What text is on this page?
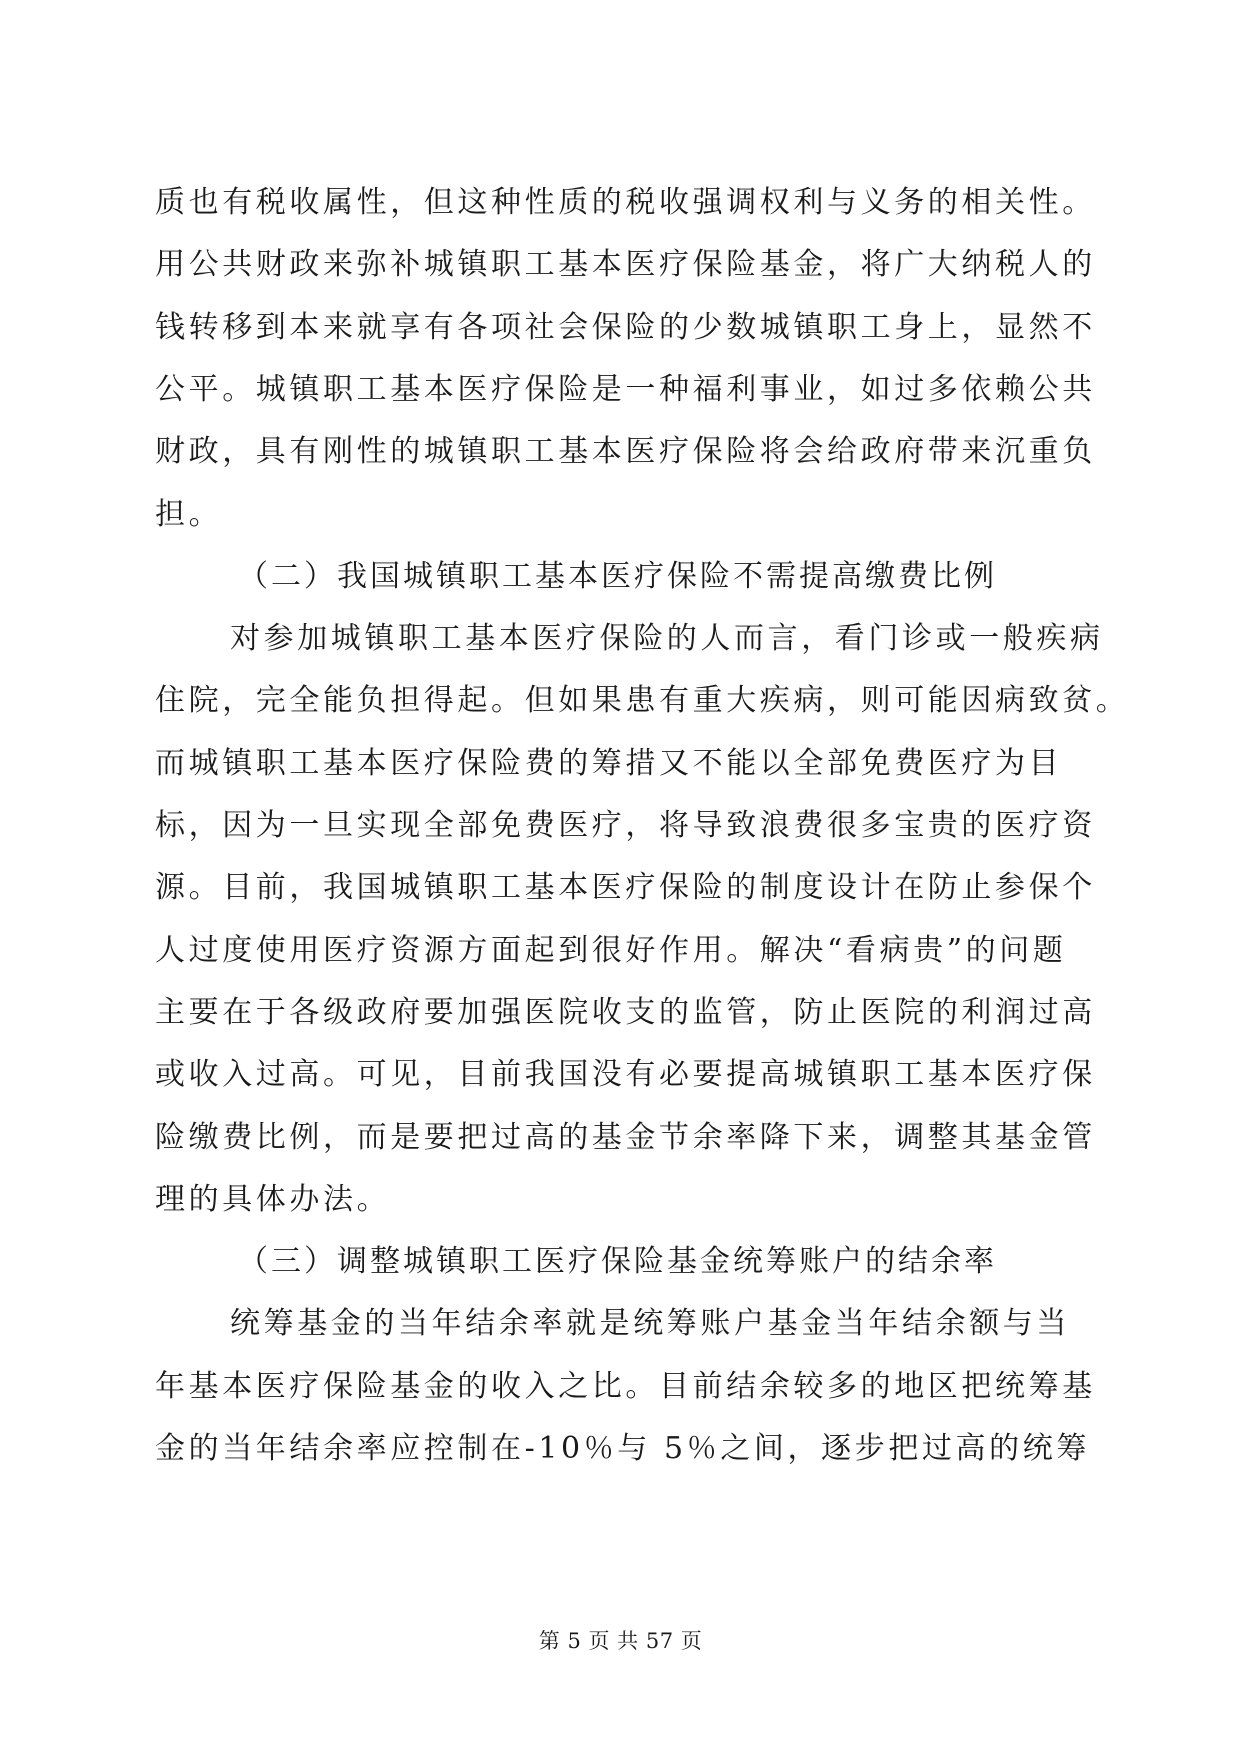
质也有税收属性，但这种性质的税收强调权利与义务的相关性。
用公共财政来弥补城镇职工基本医疗保险基金，将广大纳税人的
钱转移到本来就享有各项社会保险的少数城镇职工身上，显然不
公平。城镇职工基本医疗保险是一种福利事业，如过多依赖公共
财政，具有刚性的城镇职工基本医疗保险将会给政府带来沉重负
担。
（二）我国城镇职工基本医疗保险不需提高缴费比例
对参加城镇职工基本医疗保险的人而言，看门诊或一般疾病
住院，完全能负担得起。但如果患有重大疾病，则可能因病致贫。
而城镇职工基本医疗保险费的筹措又不能以全部免费医疗为目
标，因为一旦实现全部免费医疗，将导致浪费很多宝贵的医疗资
源。目前，我国城镇职工基本医疗保险的制度设计在防止参保个
人过度使用医疗资源方面起到很好作用。解决“看病贵”的问题
主要在于各级政府要加强医院收支的监管，防止医院的利润过高
或收入过高。可见，目前我国没有必要提高城镇职工基本医疗保
险缴费比例，而是要把过高的基金节余率降下来，调整其基金管
理的具体办法。
（三）调整城镇职工医疗保险基金统筹账户的结余率
统筹基金的当年结余率就是统筹账户基金当年结余额与当
年基本医疗保险基金的收入之比。目前结余较多的地区把统筹基
金的当年结余率应控制在-10％与 5％之间，逐步把过高的统筹
第 5 页 共 57 页
